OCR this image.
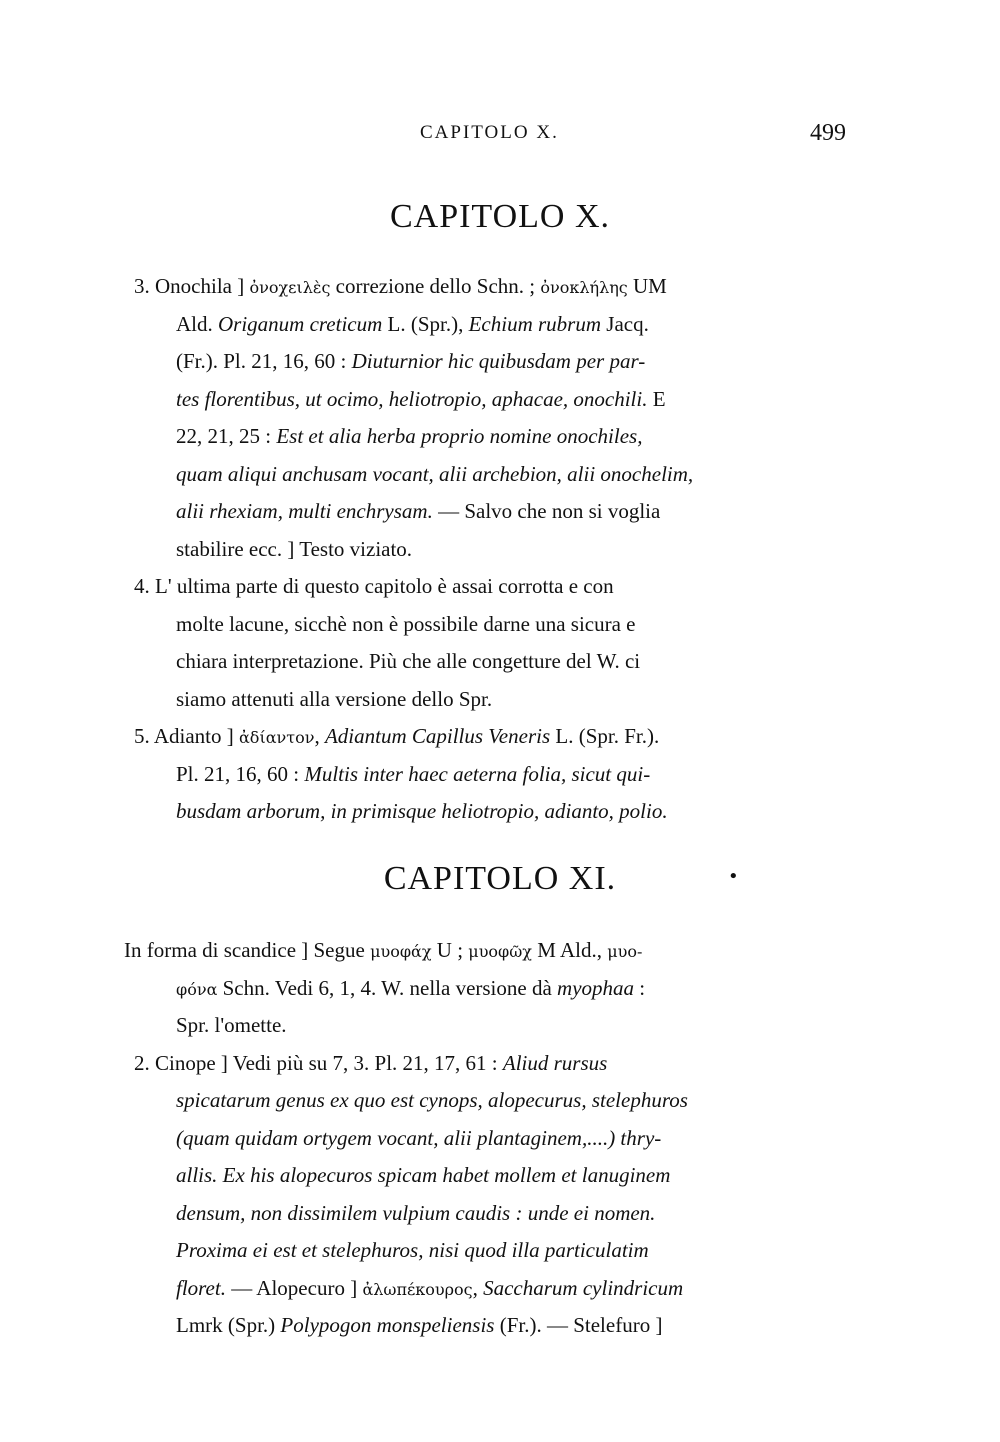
CAPITOLO X.	499
CAPITOLO X.
3. Onochila ] ὀνοχειλὲς correzione dello Schn. ; ὀνοκλήλης UM
Ald. Origanum creticum L. (Spr.), Echium rubrum Jacq.
(Fr.). Pl. 21, 16, 60 : Diuturnior hic quibusdam per par-
tes florentibus, ut ocimo, heliotropio, aphacae, onochili. E
22, 21, 25 : Est et alia herba proprio nomine onochiles,
quam aliqui anchusam vocant, alii archebion, alii onochelim,
alii rhexiam, multi enchrysam. — Salvo che non si voglia
stabilire ecc. ] Testo viziato.
4. L' ultima parte di questo capitolo è assai corrotta e con
molte lacune, sicchè non è possibile darne una sicura e
chiara interpretazione. Più che alle congetture del W. ci
siamo attenuti alla versione dello Spr.
5. Adianto ] ἀδίαντον, Adiantum Capillus Veneris L. (Spr. Fr.).
Pl. 21, 16, 60 : Multis inter haec aeterna folia, sicut qui-
busdam arborum, in primisque heliotropio, adianto, polio.
CAPITOLO XI.	•
In forma di scandice ] Segue μυοφάχ U ; μυοφῶχ M Ald., μυο-
φόνα Schn. Vedi 6, 1, 4. W. nella versione dà myophaa :
Spr. l'omette.
2. Cinope ] Vedi più su 7, 3. Pl. 21, 17, 61 : Aliud rursus
spicatarum genus ex quo est cynops, alopecurus, stelephuros
(quam quidam ortygem vocant, alii plantaginem,....) thry-
allis. Ex his alopecuros spicam habet mollem et lanuginem
densum, non dissimilem vulpium caudis : unde ei nomen.
Proxima ei est et stelephuros, nisi quod illa particulatim
floret. — Alopecuro ] ἀλωπέκουρος, Saccharum cylindricum
Lmrk (Spr.) Polypogon monspeliensis (Fr.). — Stelefuro ]
